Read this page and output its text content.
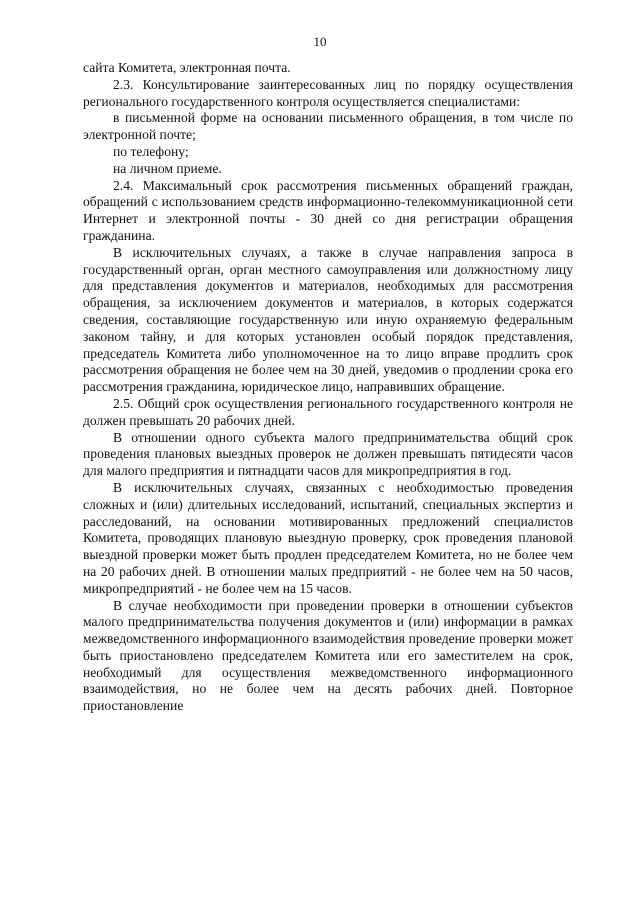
10

сайта Комитета, электронная почта.

2.3. Консультирование заинтересованных лиц по порядку осуществления регионального государственного контроля осуществляется специалистами:

в письменной форме на основании письменного обращения, в том числе по электронной почте;

по телефону;

на личном приеме.

2.4. Максимальный срок рассмотрения письменных обращений граждан, обращений с использованием средств информационно-телекоммуникационной сети Интернет и электронной почты - 30 дней со дня регистрации обращения гражданина.

В исключительных случаях, а также в случае направления запроса в государственный орган, орган местного самоуправления или должностному лицу для представления документов и материалов, необходимых для рассмотрения обращения, за исключением документов и материалов, в которых содержатся сведения, составляющие государственную или иную охраняемую федеральным законом тайну, и для которых установлен особый порядок представления, председатель Комитета либо уполномоченное на то лицо вправе продлить срок рассмотрения обращения не более чем на 30 дней, уведомив о продлении срока его рассмотрения гражданина, юридическое лицо, направивших обращение.

2.5. Общий срок осуществления регионального государственного контроля не должен превышать 20 рабочих дней.

В отношении одного субъекта малого предпринимательства общий срок проведения плановых выездных проверок не должен превышать пятидесяти часов для малого предприятия и пятнадцати часов для микропредприятия в год.

В исключительных случаях, связанных с необходимостью проведения сложных и (или) длительных исследований, испытаний, специальных экспертиз и расследований, на основании мотивированных предложений специалистов Комитета, проводящих плановую выездную проверку, срок проведения плановой выездной проверки может быть продлен председателем Комитета, но не более чем на 20 рабочих дней. В отношении малых предприятий - не более чем на 50 часов, микропредприятий - не более чем на 15 часов.

В случае необходимости при проведении проверки в отношении субъектов малого предпринимательства получения документов и (или) информации в рамках межведомственного информационного взаимодействия проведение проверки может быть приостановлено председателем Комитета или его заместителем на срок, необходимый для осуществления межведомственного информационного взаимодействия, но не более чем на десять рабочих дней. Повторное приостановление
